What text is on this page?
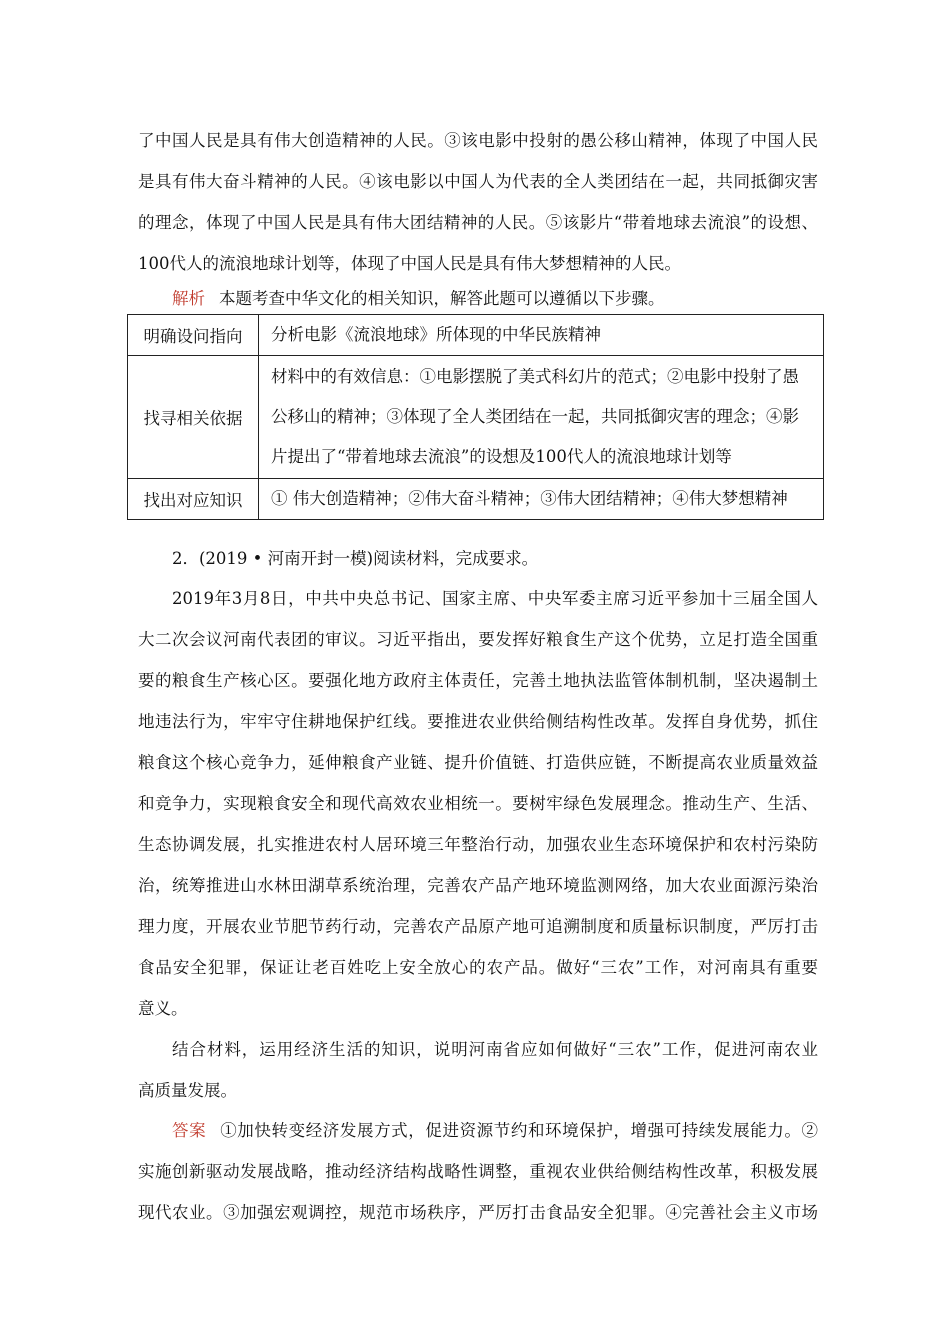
了中国人民是具有伟大创造精神的人民。③该电影中投射的愚公移山精神，体现了中国人民
是具有伟大奋斗精神的人民。④该电影以中国人为代表的全人类团结在一起，共同抵御灾害
的理念，体现了中国人民是具有伟大团结精神的人民。⑤该影片“带着地球去流浪”的设想、
100代人的流浪地球计划等，体现了中国人民是具有伟大梦想精神的人民。
解析 本题考查中华文化的相关知识，解答此题可以遵循以下步骤。
明确设问指向	分析电影《流浪地球》所体现的中华民族精神

找寻相关依据	材料中的有效信息：①电影摆脱了美式科幻片的范式；②电影中投射了愚
公移山的精神；③体现了全人类团结在一起，共同抵御灾害的理念；④影
片提出了“带着地球去流浪”的设想及100代人的流浪地球计划等

找出对应知识	① 伟大创造精神；②伟大奋斗精神；③伟大团结精神；④伟大梦想精神
2．(2019 • 河南开封一模)阅读材料，完成要求。
2019年3月8日，中共中央总书记、国家主席、中央军委主席习近平参加十三届全国人
大二次会议河南代表团的审议。习近平指出，要发挥好粮食生产这个优势，立足打造全国重
要的粮食生产核心区。要强化地方政府主体责任，完善土地执法监管体制机制，坚决遏制土
地违法行为，牢牢守住耕地保护红线。要推进农业供给侧结构性改革。发挥自身优势，抓住
粮食这个核心竞争力，延伸粮食产业链、提升价值链、打造供应链，不断提高农业质量效益
和竞争力，实现粮食安全和现代高效农业相统一。要树牢绿色发展理念。推动生产、生活、
生态协调发展，扎实推进农村人居环境三年整治行动，加强农业生态环境保护和农村污染防
治，统筹推进山水林田湖草系统治理，完善农产品产地环境监测网络，加大农业面源污染治
理力度，开展农业节肥节药行动，完善农产品原产地可追溯制度和质量标识制度，严厉打击
食品安全犯罪，保证让老百姓吃上安全放心的农产品。做好“三农”工作，对河南具有重要
意义。
结合材料，运用经济生活的知识，说明河南省应如何做好“三农”工作，促进河南农业
高质量发展。
答案 ①加快转变经济发展方式，促进资源节约和环境保护，增强可持续发展能力。②
实施创新驱动发展战略，推动经济结构战略性调整，重视农业供给侧结构性改革，积极发展
现代农业。③加强宏观调控，规范市场秩序，严厉打击食品安全犯罪。④完善社会主义市场
